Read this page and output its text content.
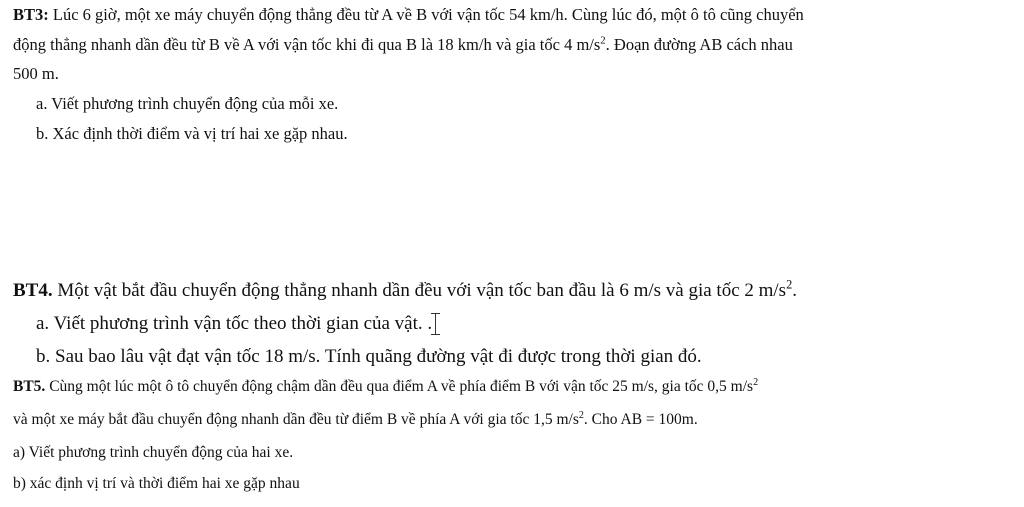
BT3: Lúc 6 giờ, một xe máy chuyển động thẳng đều từ A về B với vận tốc 54 km/h. Cùng lúc đó, một ô tô cũng chuyển
động thẳng nhanh dần đều từ B về A với vận tốc khi đi qua B là 18 km/h và gia tốc 4 $m/s^2$. Đoạn đường AB cách nhau
500 m.
a. Viết phương trình chuyển động của mỗi xe.
b. Xác định thời điểm và vị trí hai xe gặp nhau.
BT4. Một vật bắt đầu chuyển động thẳng nhanh dần đều với vận tốc ban đầu là 6 m/s và gia tốc 2 $m/s^2$.
a. Viết phương trình vận tốc theo thời gian của vật. .
b. Sau bao lâu vật đạt vận tốc 18 m/s. Tính quãng đường vật đi được trong thời gian đó.
BT5. Cùng một lúc một ô tô chuyển động chậm dần đều qua điểm A về phía điểm B với vận tốc 25 m/s, gia tốc 0,5 $m/s^2$
và một xe máy bắt đầu chuyển động nhanh dần đều từ điểm B về phía A với gia tốc 1,5 $m/s^2$. Cho AB = 100m.
a) Viết phương trình chuyển động của hai xe.
b) xác định vị trí và thời điểm hai xe gặp nhau
